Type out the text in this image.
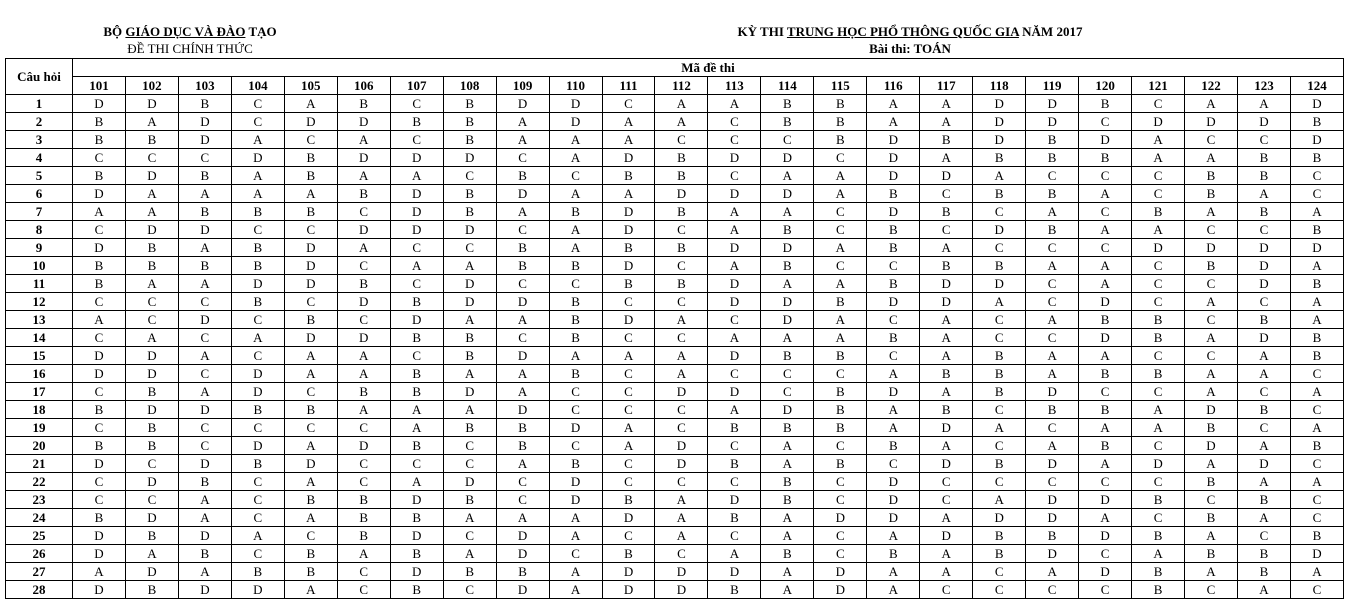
BỘ GIÁO DỤC VÀ ĐÀO TẠO
ĐỀ THI CHÍNH THỨC
KỲ THI TRUNG HỌC PHỔ THÔNG QUỐC GIA NĂM 2017
Bài thi: TOÁN
Câu hỏi	Mã đề thi																							
	101	102	103	104	105	106	107	108	109	110	111	112	113	114	115	116	117	118	119	120	121	122	123	124
1	D	D	B	C	A	B	C	B	D	D	C	A	A	B	B	A	A	D	D	B	C	A	A	D
2	B	A	D	C	D	D	B	B	A	D	A	A	C	B	B	A	A	D	D	C	D	D	D	B
3	B	B	D	A	C	A	C	B	A	A	A	C	C	C	B	D	B	D	B	D	A	C	C	D
4	C	C	C	D	B	D	D	D	C	A	D	B	D	D	C	D	A	B	B	B	A	A	B	B
5	B	D	B	A	B	A	A	C	B	C	B	B	C	A	A	D	D	A	C	C	C	B	B	C
6	D	A	A	A	A	B	D	B	D	A	A	D	D	D	A	B	C	B	B	A	C	B	A	C
7	A	A	B	B	B	C	D	B	A	B	D	B	A	A	C	D	B	C	A	C	B	A	B	A
8	C	D	D	C	C	D	D	D	C	A	D	C	A	B	C	B	C	D	B	A	A	C	C	B
9	D	B	A	B	D	A	C	C	B	A	B	B	D	D	A	B	A	C	C	C	D	D	D	D
10	B	B	B	B	D	C	A	A	B	B	D	C	A	B	C	C	B	B	A	A	C	B	D	A
11	B	A	A	D	D	B	C	D	C	C	B	B	D	A	A	B	D	D	C	A	C	C	D	B
12	C	C	C	B	C	D	B	D	D	B	C	C	D	D	B	D	D	A	C	D	C	A	C	A
13	A	C	D	C	B	C	D	A	A	B	D	A	C	D	A	C	A	C	A	B	B	C	B	A
14	C	A	C	A	D	D	B	B	C	B	C	C	A	A	A	B	A	C	C	D	B	A	D	B
15	D	D	A	C	A	A	C	B	D	A	A	A	D	B	B	C	A	B	A	A	C	C	A	B
16	D	D	C	D	A	A	B	A	A	B	C	A	C	C	C	A	B	B	A	B	B	A	A	C
17	C	B	A	D	C	B	B	D	A	C	C	D	D	C	B	D	A	B	D	C	C	A	C	A
18	B	D	D	B	B	A	A	A	D	C	C	C	A	D	B	A	B	C	B	B	A	D	B	C
19	C	B	C	C	C	C	A	B	B	D	A	C	B	B	B	A	D	A	C	A	A	B	C	A
20	B	B	C	D	A	D	B	C	B	C	A	D	C	A	C	B	A	C	A	B	C	D	A	B
21	D	C	D	B	D	C	C	C	A	B	C	D	B	A	B	C	D	B	D	A	D	A	D	C
22	C	D	B	C	A	C	A	D	C	D	C	C	C	B	C	D	C	C	C	C	C	B	A	A
23	C	C	A	C	B	B	D	B	C	D	B	A	D	B	C	D	C	A	D	D	B	C	B	C
24	B	D	A	C	A	B	B	A	A	A	D	A	B	A	D	D	A	D	D	A	C	B	A	C
25	D	B	D	A	C	B	D	C	D	A	C	A	C	A	C	A	D	B	B	D	B	A	C	B
26	D	A	B	C	B	A	B	A	D	C	B	C	A	B	C	B	A	B	D	C	A	B	B	D
27	A	D	A	B	B	C	D	B	B	A	D	D	D	A	D	A	A	C	A	D	B	A	B	A
28	D	B	D	D	A	C	B	C	D	A	D	D	B	A	D	A	C	C	C	C	B	C	A	C
